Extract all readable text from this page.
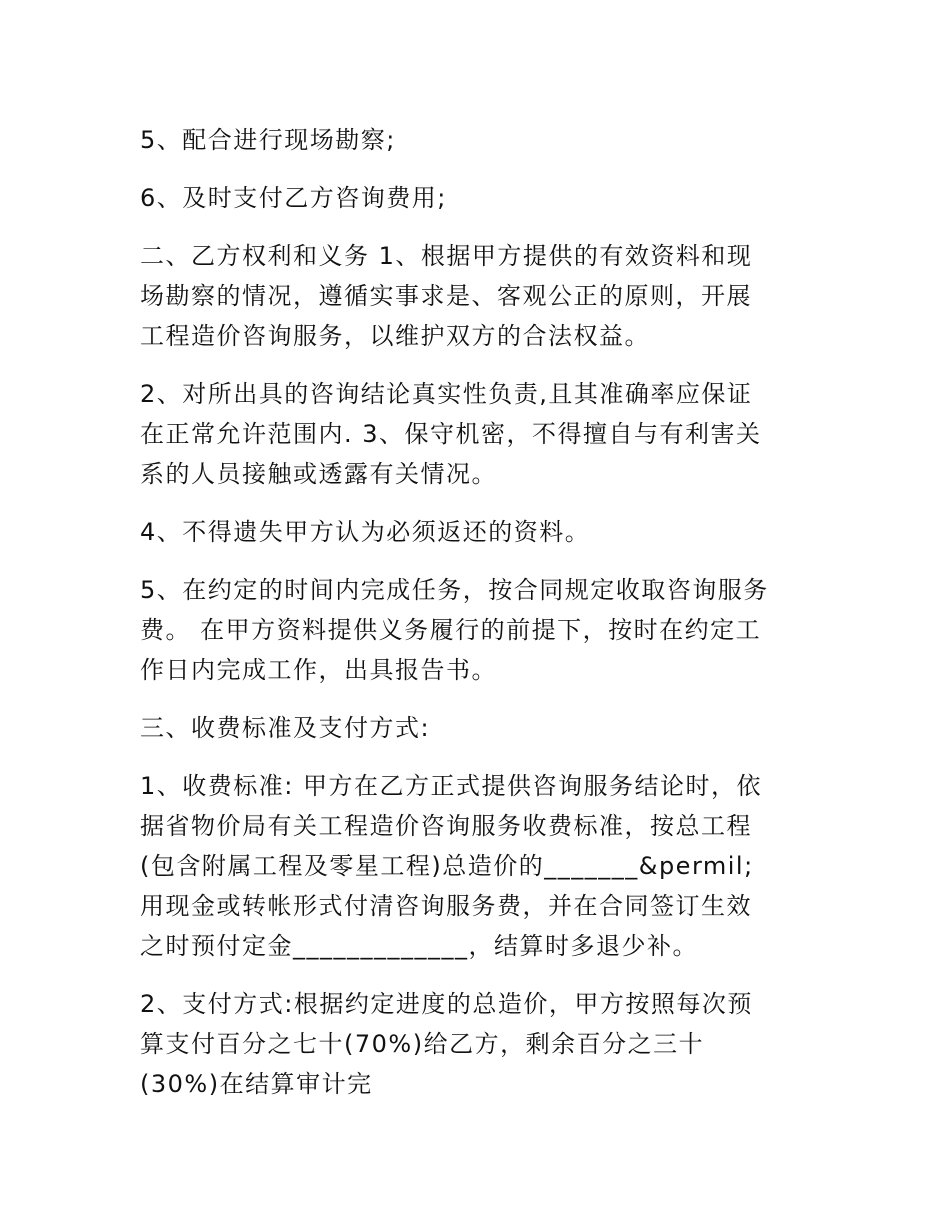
5、配合进行现场勘察;
6、及时支付乙方咨询费用;
二、乙方权利和义务 1、根据甲方提供的有效资料和现
场勘察的情况，遵循实事求是、客观公正的原则，开展
工程造价咨询服务，以维护双方的合法权益。
2、对所出具的咨询结论真实性负责,且其准确率应保证
在正常允许范围内. 3、保守机密，不得擅自与有利害关
系的人员接触或透露有关情况。
4、不得遗失甲方认为必须返还的资料。
5、在约定的时间内完成任务，按合同规定收取咨询服务
费。 在甲方资料提供义务履行的前提下，按时在约定工
作日内完成工作，出具报告书。
三、收费标准及支付方式:
1、收费标准: 甲方在乙方正式提供咨询服务结论时，依
据省物价局有关工程造价咨询服务收费标准，按总工程
(包含附属工程及零星工程)总造价的_______&permil;
用现金或转帐形式付清咨询服务费，并在合同签订生效
之时预付定金_____________，结算时多退少补。
2、支付方式:根据约定进度的总造价，甲方按照每次预
算支付百分之七十(70%)给乙方，剩余百分之三十
(30%)在结算审计完
